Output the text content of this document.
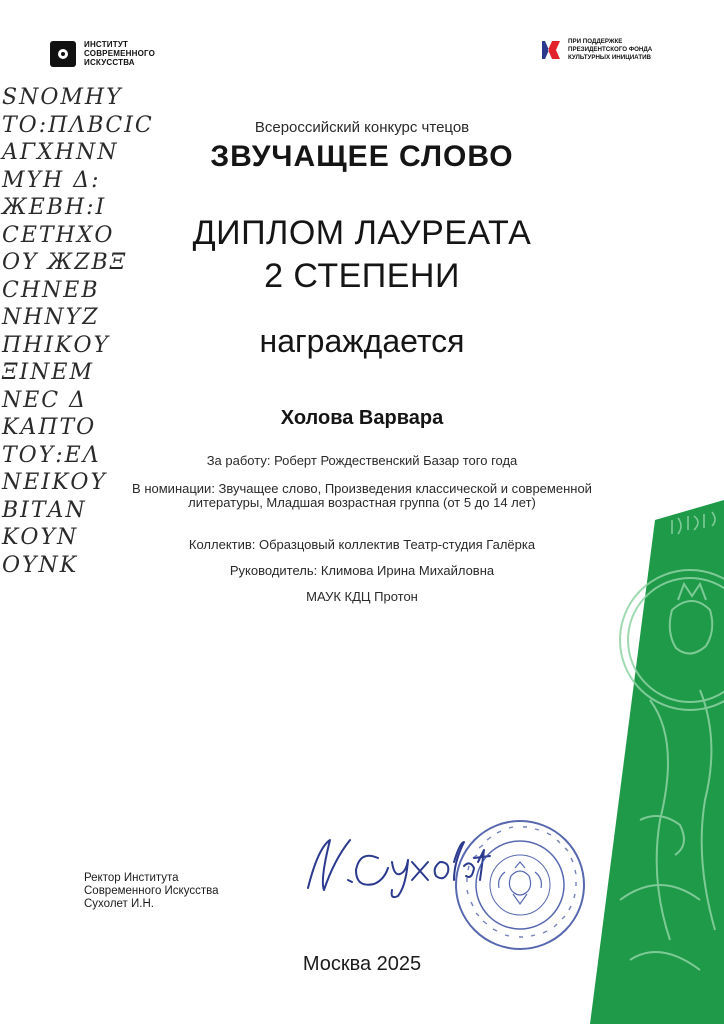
ИНСТИТУТ
СОВРЕМЕННОГО
ИСКУССТВА
ПРИ ПОДДЕРЖКЕ
ПРЕЗИДЕНТСКОГО ФОНДА
КУЛЬТУРНЫХ ИНИЦИАТИВ
ЅNΟΜΗΥ
ΤΟ:ΠΛΒϹΙϹ
ΑΓΧΗΝΝ
ΜΥΗ Δ:
ЖΕΒΗ:Ι
ϹΕΤΗΧΟ
ΟΥ ЖΖΒΞ
ϹΗΝΕΒ
ΝΗΝΥΖ
ΠΗΙΚΟΥ
ΞΙΝΕΜ
ΝΕϹ Δ
ΚΑΠΤΟ
ΤΟΥ:ΕΛ
ΝΕΙΚΟΥ
ΒΙΤΑΝ
ΚΟΥΝ
ΟΥΝΚ
Всероссийский конкурс чтецов
ЗВУЧАЩЕЕ СЛОВО
ДИПЛОМ ЛАУРЕАТА
2 СТЕПЕНИ
награждается
Холова Варвара
За работу: Роберт Рождественский Базар того года
В номинации: Звучащее слово, Произведения классической и современной литературы, Младшая возрастная группа (от 5 до 14 лет)
Коллектив: Образцовый коллектив Театр-студия Галёрка
Руководитель: Климова Ирина Михайловна
МАУК КДЦ Протон
Ректор Института
Современного Искусства
Сухолет И.Н.
Москва 2025
